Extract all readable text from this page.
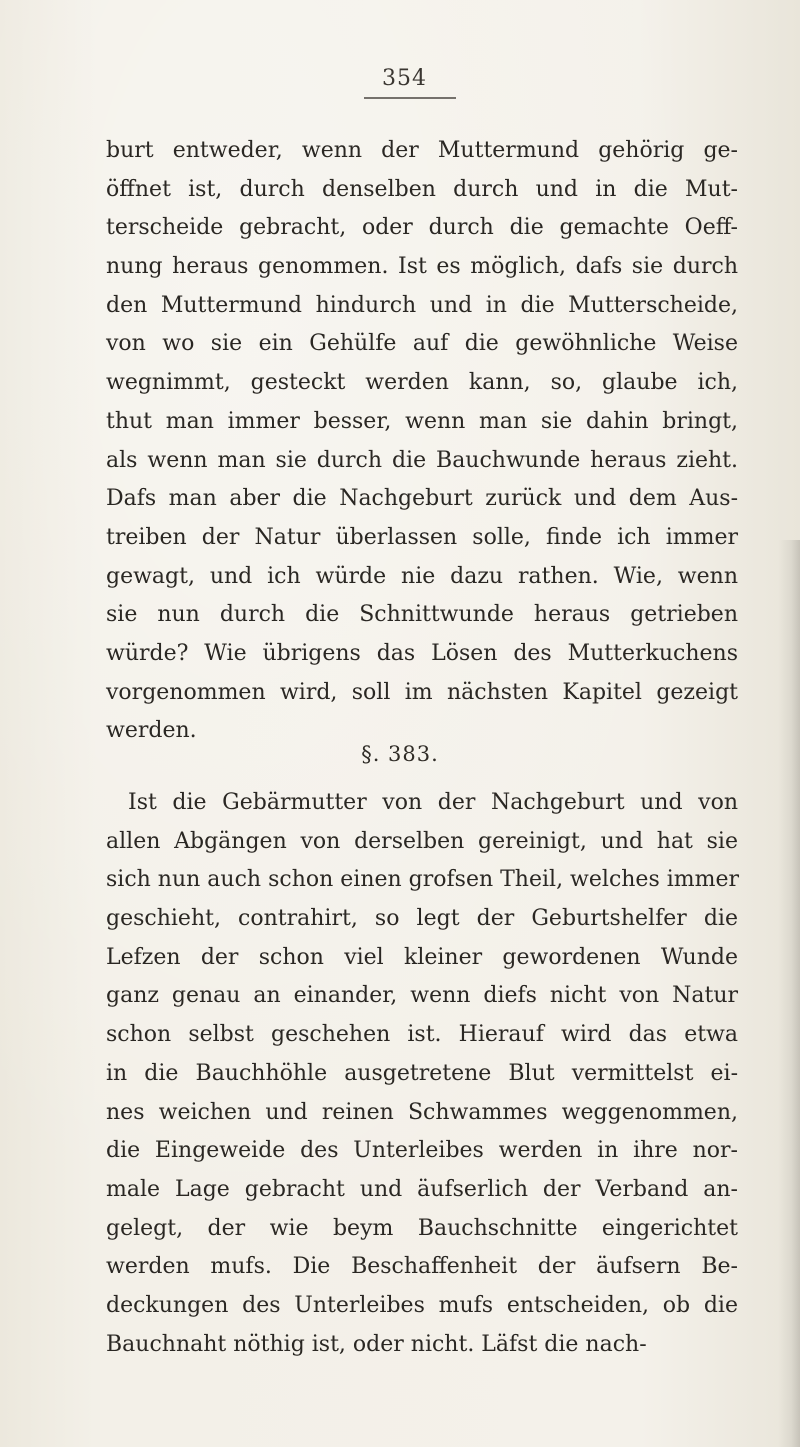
354
burt entweder, wenn der Muttermund gehörig ge-
öffnet ist, durch denselben durch und in die Mut-
terscheide gebracht, oder durch die gemachte Oeff-
nung heraus genommen. Ist es möglich, dafs sie durch
den Muttermund hindurch und in die Mutterscheide,
von wo sie ein Gehülfe auf die gewöhnliche Weise
wegnimmt, gesteckt werden kann, so, glaube ich,
thut man immer besser, wenn man sie dahin bringt,
als wenn man sie durch die Bauchwunde heraus zieht.
Dafs man aber die Nachgeburt zurück und dem Aus-
treiben der Natur überlassen solle, finde ich immer
gewagt, und ich würde nie dazu rathen. Wie, wenn
sie nun durch die Schnittwunde heraus getrieben
würde? Wie übrigens das Lösen des Mutterkuchens
vorgenommen wird, soll im nächsten Kapitel gezeigt
werden.
§. 383.
Ist die Gebärmutter von der Nachgeburt und von
allen Abgängen von derselben gereinigt, und hat sie
sich nun auch schon einen grofsen Theil, welches immer
geschieht, contrahirt, so legt der Geburtshelfer die
Lefzen der schon viel kleiner gewordenen Wunde
ganz genau an einander, wenn diefs nicht von Natur
schon selbst geschehen ist. Hierauf wird das etwa
in die Bauchhöhle ausgetretene Blut vermittelst ei-
nes weichen und reinen Schwammes weggenommen,
die Eingeweide des Unterleibes werden in ihre nor-
male Lage gebracht und äufserlich der Verband an-
gelegt, der wie beym Bauchschnitte eingerichtet
werden mufs. Die Beschaffenheit der äufsern Be-
deckungen des Unterleibes mufs entscheiden, ob die
Bauchnaht nöthig ist, oder nicht. Läfst die nach-
